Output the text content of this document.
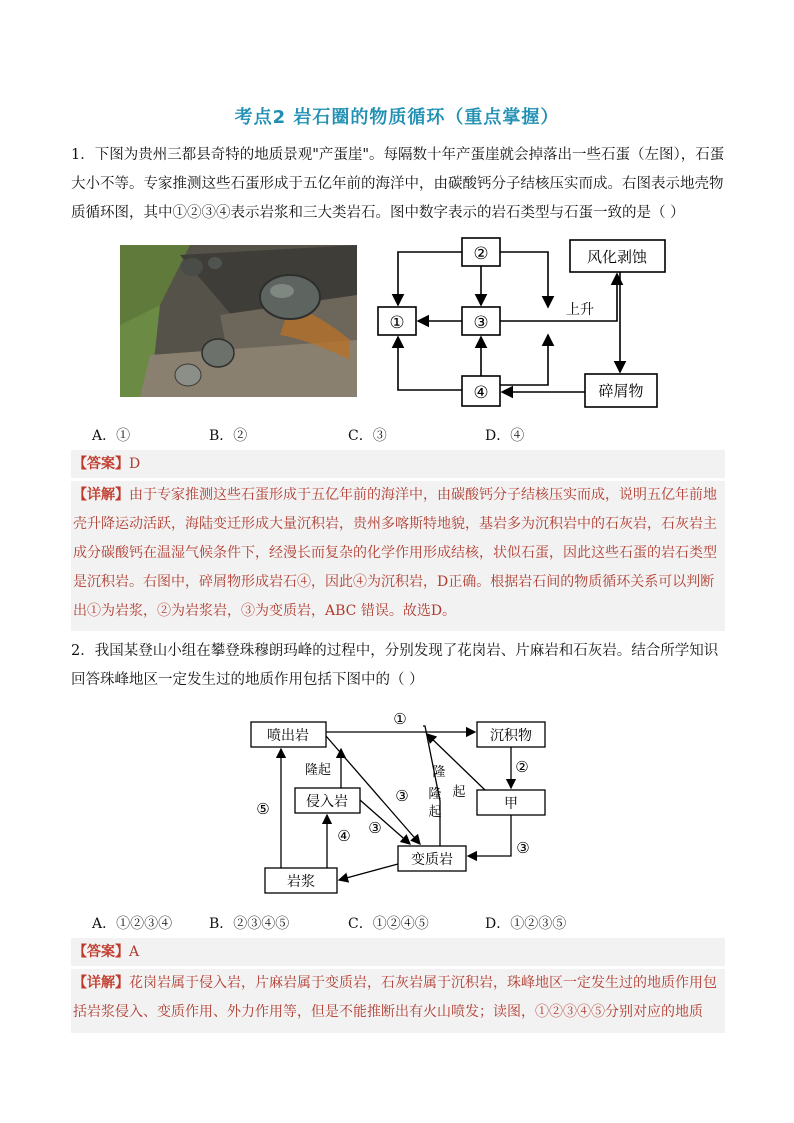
考点2 岩石圈的物质循环（重点掌握）

1．下图为贵州三都县奇特的地质景观"产蛋崖"。每隔数十年产蛋崖就会掉落出一些石蛋（左图），石蛋大小不等。专家推测这些石蛋形成于五亿年前的海洋中，由碳酸钙分子结核压实而成。右图表示地壳物质循环图，其中①②③④表示岩浆和三大类岩石。图中数字表示的岩石类型与石蛋一致的是（ ）

②
①	③
④
风化剥蚀
碎屑物
上升
A．①	B．②	C．③	D．④
【答案】D
【详解】由于专家推测这些石蛋形成于五亿年前的海洋中，由碳酸钙分子结核压实而成，说明五亿年前地壳升降运动活跃，海陆变迁形成大量沉积岩，贵州多喀斯特地貌，基岩多为沉积岩中的石灰岩，石灰岩主成分碳酸钙在温湿气候条件下，经漫长而复杂的化学作用形成结核，状似石蛋，因此这些石蛋的岩石类型是沉积岩。右图中，碎屑物形成岩石④，因此④为沉积岩，D正确。根据岩石间的物质循环关系可以判断出①为岩浆，②为岩浆岩，③为变质岩，ABC 错误。故选D。

2．我国某登山小组在攀登珠穆朗玛峰的过程中，分别发现了花岗岩、片麻岩和石灰岩。结合所学知识回答珠峰地区一定发生过的地质作用包括下图中的（ ）

喷出岩	沉积物
侵入岩	甲
变质岩
岩浆
隆起	隆
起
隆
起
①
②
③
③
③
④
⑤
A．①②③④	B．②③④⑤	C．①②④⑤	D．①②③⑤
【答案】A
【详解】花岗岩属于侵入岩，片麻岩属于变质岩，石灰岩属于沉积岩，珠峰地区一定发生过的地质作用包括岩浆侵入、变质作用、外力作用等，但是不能推断出有火山喷发；读图，①②③④⑤分别对应的地质
